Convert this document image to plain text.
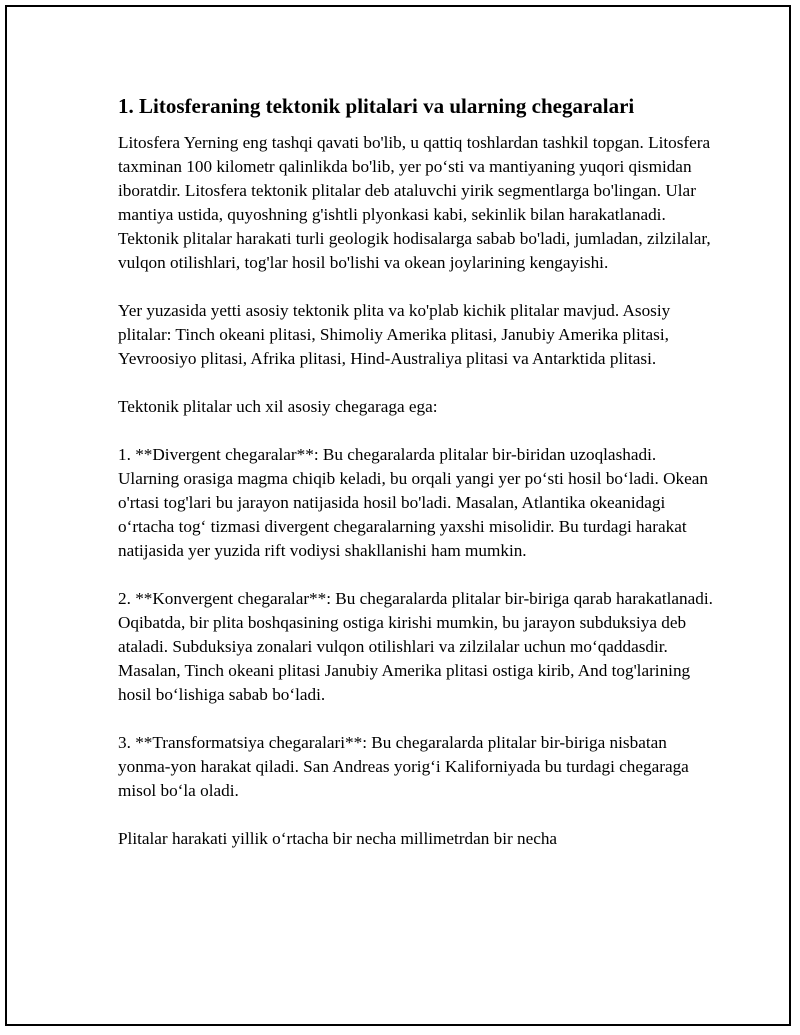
1. Litosferaning tektonik plitalari va ularning chegaralari

Litosfera Yerning eng tashqi qavati bo'lib, u qattiq toshlardan tashkil topgan. Litosfera taxminan 100 kilometr qalinlikda bo'lib, yer po‘sti va mantiyaning yuqori qismidan iboratdir. Litosfera tektonik plitalar deb ataluvchi yirik segmentlarga bo'lingan. Ular mantiya ustida, quyoshning g'ishtli plyonkasi kabi, sekinlik bilan harakatlanadi. Tektonik plitalar harakati turli geologik hodisalarga sabab bo'ladi, jumladan, zilzilalar, vulqon otilishlari, tog'lar hosil bo'lishi va okean joylarining kengayishi.

Yer yuzasida yetti asosiy tektonik plita va ko'plab kichik plitalar mavjud. Asosiy plitalar: Tinch okeani plitasi, Shimoliy Amerika plitasi, Janubiy Amerika plitasi, Yevroosiyo plitasi, Afrika plitasi, Hind-Australiya plitasi va Antarktida plitasi.

Tektonik plitalar uch xil asosiy chegaraga ega:

1. **Divergent chegaralar**: Bu chegaralarda plitalar bir-biridan uzoqlashadi. Ularning orasiga magma chiqib keladi, bu orqali yangi yer po‘sti hosil bo‘ladi. Okean o'rtasi tog'lari bu jarayon natijasida hosil bo'ladi. Masalan, Atlantika okeanidagi o‘rtacha tog‘ tizmasi divergent chegaralarning yaxshi misolidir. Bu turdagi harakat natijasida yer yuzida rift vodiysi shakllanishi ham mumkin.

2. **Konvergent chegaralar**: Bu chegaralarda plitalar bir-biriga qarab harakatlanadi. Oqibatda, bir plita boshqasining ostiga kirishi mumkin, bu jarayon subduksiya deb ataladi. Subduksiya zonalari vulqon otilishlari va zilzilalar uchun mo‘qaddasdir. Masalan, Tinch okeani plitasi Janubiy Amerika plitasi ostiga kirib, And tog'larining hosil bo‘lishiga sabab bo‘ladi.

3. **Transformatsiya chegaralari**: Bu chegaralarda plitalar bir-biriga nisbatan yonma-yon harakat qiladi. San Andreas yorig‘i Kaliforniyada bu turdagi chegaraga misol bo‘la oladi.

Plitalar harakati yillik o‘rtacha bir necha millimetrdan bir necha
